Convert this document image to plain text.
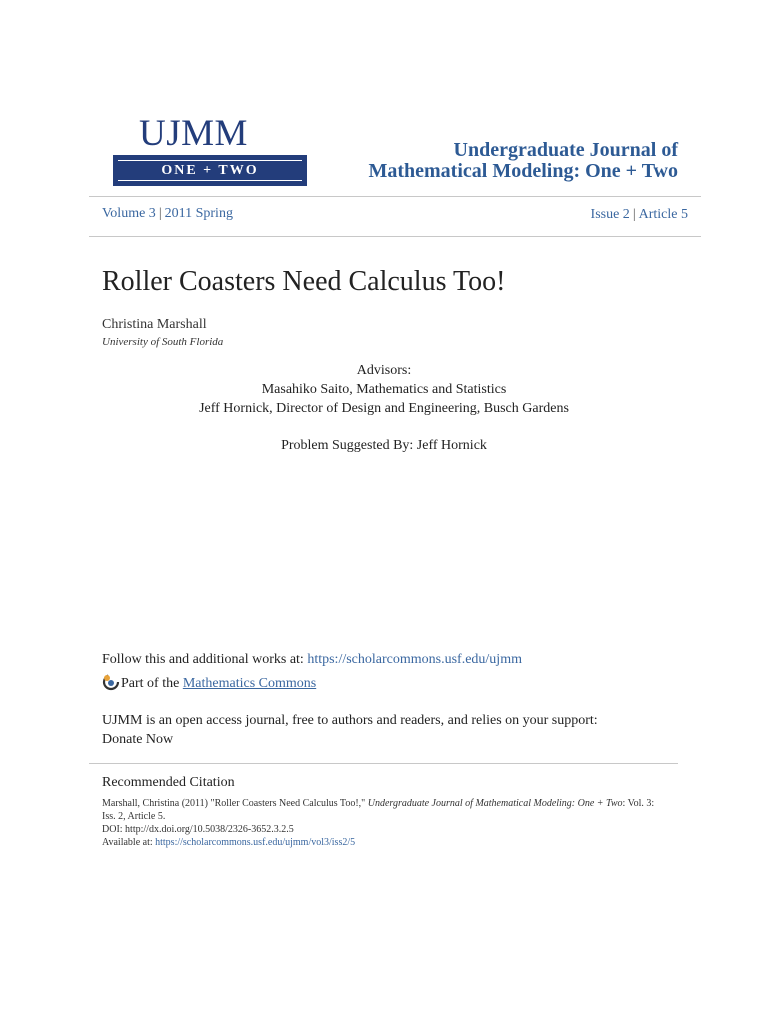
UJMM
ONE + TWO
Undergraduate Journal of
Mathematical Modeling: One + Two
Volume 3 | 2011 Spring	Issue 2 | Article 5
Roller Coasters Need Calculus Too!
Christina Marshall
University of South Florida
Advisors:
Masahiko Saito, Mathematics and Statistics
Jeff Hornick, Director of Design and Engineering, Busch Gardens
Problem Suggested By: Jeff Hornick
Follow this and additional works at: https://scholarcommons.usf.edu/ujmm
Part of the Mathematics Commons
UJMM is an open access journal, free to authors and readers, and relies on your support:
Donate Now
Recommended Citation
Marshall, Christina (2011) "Roller Coasters Need Calculus Too!," Undergraduate Journal of Mathematical Modeling: One + Two: Vol. 3:
Iss. 2, Article 5.
DOI: http://dx.doi.org/10.5038/2326-3652.3.2.5
Available at: https://scholarcommons.usf.edu/ujmm/vol3/iss2/5
